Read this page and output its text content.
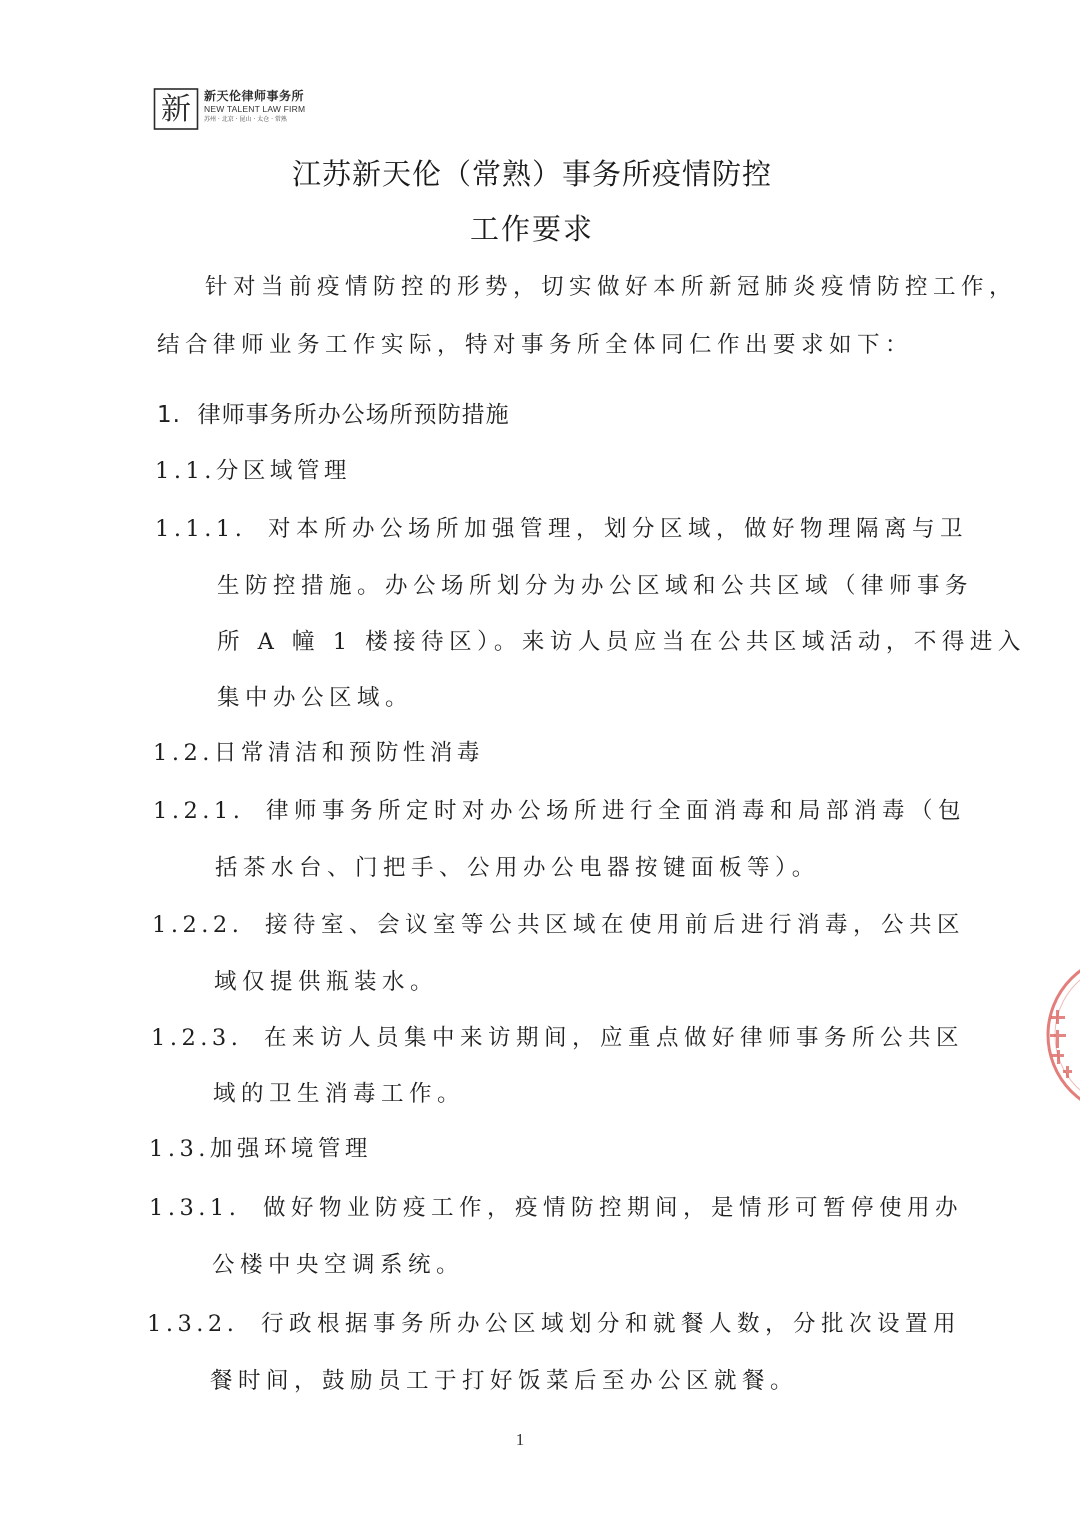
新 新天伦律师事务所
NEW TALENT LAW FIRM
苏州 · 北京 · 昆山 · 太仓 · 常熟
江苏新天伦（常熟）事务所疫情防控
工作要求
针对当前疫情防控的形势，切实做好本所新冠肺炎疫情防控工作，
结合律师业务工作实际，特对事务所全体同仁作出要求如下：
1. 律师事务所办公场所预防措施
1.1.分区域管理
1.1.1. 对本所办公场所加强管理，划分区域，做好物理隔离与卫
生防控措施。办公场所划分为办公区域和公共区域（律师事务
所 A 幢 1 楼接待区）。来访人员应当在公共区域活动，不得进入
集中办公区域。
1.2.日常清洁和预防性消毒
1.2.1. 律师事务所定时对办公场所进行全面消毒和局部消毒（包
括茶水台、门把手、公用办公电器按键面板等）。
1.2.2. 接待室、会议室等公共区域在使用前后进行消毒，公共区
域仅提供瓶装水。
1.2.3. 在来访人员集中来访期间，应重点做好律师事务所公共区
域的卫生消毒工作。
1.3.加强环境管理
1.3.1. 做好物业防疫工作，疫情防控期间，是情形可暂停使用办
公楼中央空调系统。
1.3.2. 行政根据事务所办公区域划分和就餐人数，分批次设置用
餐时间，鼓励员工于打好饭菜后至办公区就餐。
1
